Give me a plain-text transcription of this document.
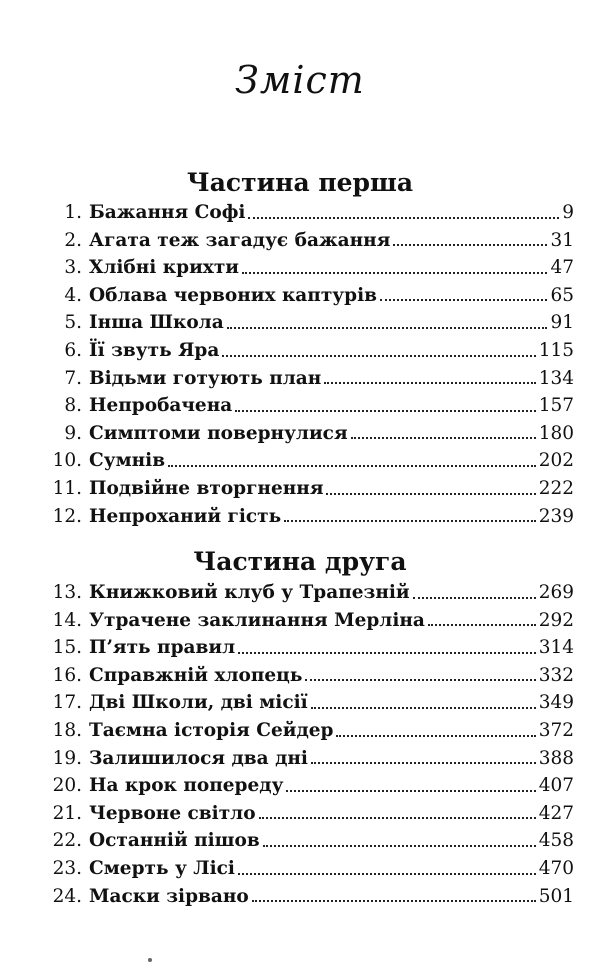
Зміст
Частина перша
1. Бажання Софі	9
2. Агата теж загадує бажання	31
3. Хлібні крихти	47
4. Облава червоних каптурів	65
5. Інша Школа	91
6. Її звуть Яра	115
7. Відьми готують план	134
8. Непробачена	157
9. Симптоми повернулися	180
10. Сумнів	202
11. Подвійне вторгнення	222
12. Непроханий гість	239
Частина друга
13. Книжковий клуб у Трапезній	269
14. Утрачене заклинання Мерліна	292
15. П’ять правил	314
16. Справжній хлопець	332
17. Дві Школи, дві місії	349
18. Таємна історія Сейдер	372
19. Залишилося два дні	388
20. На крок попереду	407
21. Червоне світло	427
22. Останній пішов	458
23. Смерть у Лісі	470
24. Маски зірвано	501
